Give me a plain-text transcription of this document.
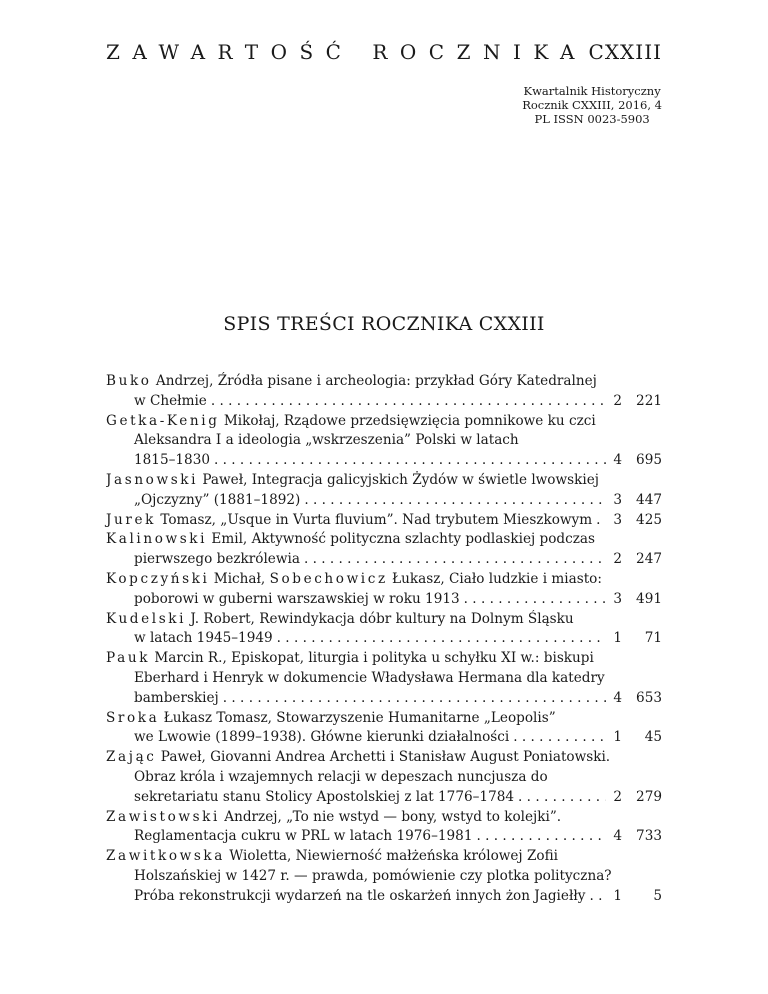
ZAWARTOŚĆ ROCZNIKA CXXIII
Kwartalnik Historyczny
Rocznik CXXIII, 2016, 4
PL ISSN 0023-5903
SPIS TREŚCI ROCZNIKA CXXIII
Buko Andrzej, Źródła pisane i archeologia: przykład Góry Katedralnej
w Chełmie . . .	2	221
Getka-Kenig Mikołaj, Rządowe przedsięwzięcia pomnikowe ku czci
Aleksandra I a ideologia „wskrzeszenia” Polski w latach
1815–1830 . . .	4	695
Jasnowski Paweł, Integracja galicyjskich Żydów w świetle lwowskiej
„Ojczyzny” (1881–1892) . . .	3	447
Jurek Tomasz, „Usque in Vurta fluvium”. Nad trybutem Mieszkowym . . . 3	425
Kalinowski Emil, Aktywność polityczna szlachty podlaskiej podczas
pierwszego bezkrólewia . . .	2	247
Kopczyński Michał, Sobechowicz Łukasz, Ciało ludzkie i miasto:
poborowi w guberni warszawskiej w roku 1913 . . .	3	491
Kudelski J. Robert, Rewindykacja dóbr kultury na Dolnym Śląsku
w latach 1945–1949 . . .	1	71
Pauk Marcin R., Episkopat, liturgia i polityka u schyłku XI w.: biskupi
Eberhard i Henryk w dokumencie Władysława Hermana dla katedry
bamberskiej . . .	4	653
Sroka Łukasz Tomasz, Stowarzyszenie Humanitarne „Leopolis”
we Lwowie (1899–1938). Główne kierunki działalności . . .	1	45
Zając Paweł, Giovanni Andrea Archetti i Stanisław August Poniatowski.
Obraz króla i wzajemnych relacji w depeszach nuncjusza do
sekretariatu stanu Stolicy Apostolskiej z lat 1776–1784 . . .	2	279
Zawistowski Andrzej, „To nie wstyd — bony, wstyd to kolejki”.
Reglamentacja cukru w PRL w latach 1976–1981 . . .	4	733
Zawitkowska Wioletta, Niewierność małżeńska królowej Zofii
Holszańskiej w 1427 r. — prawda, pomówienie czy plotka polityczna?
Próba rekonstrukcji wydarzeń na tle oskarżeń innych żon Jagiełły . . . 1	5
